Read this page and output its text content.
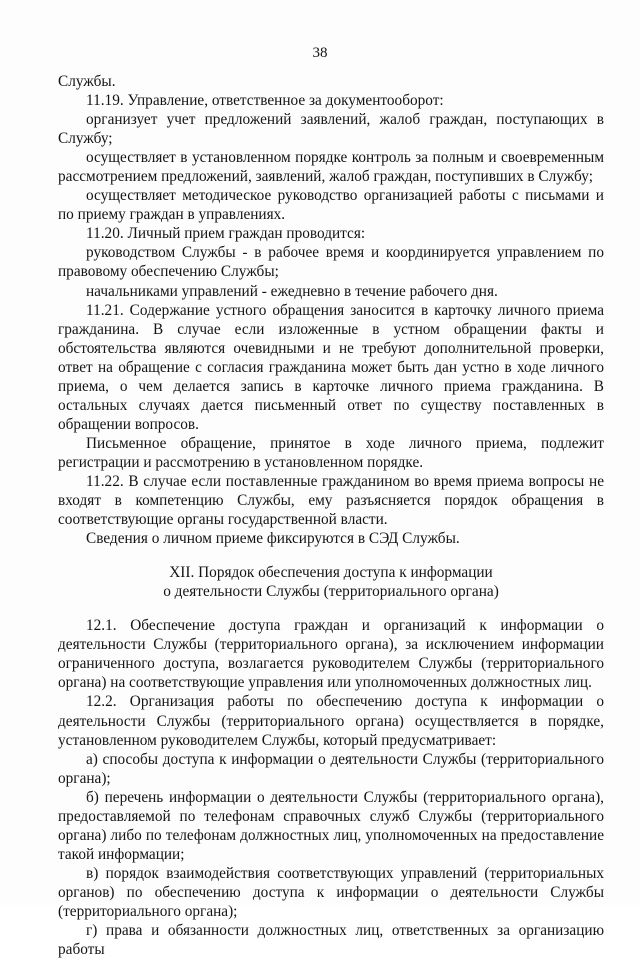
38

Службы.

11.19. Управление, ответственное за документооборот:

организует учет предложений заявлений, жалоб граждан, поступающих в Службу;

осуществляет в установленном порядке контроль за полным и своевременным рассмотрением предложений, заявлений, жалоб граждан, поступивших в Службу;

осуществляет методическое руководство организацией работы с письмами и по приему граждан в управлениях.

11.20. Личный прием граждан проводится:

руководством Службы - в рабочее время и координируется управлением по правовому обеспечению Службы;

начальниками управлений - ежедневно в течение рабочего дня.

11.21. Содержание устного обращения заносится в карточку личного приема гражданина. В случае если изложенные в устном обращении факты и обстоятельства являются очевидными и не требуют дополнительной проверки, ответ на обращение с согласия гражданина может быть дан устно в ходе личного приема, о чем делается запись в карточке личного приема гражданина. В остальных случаях дается письменный ответ по существу поставленных в обращении вопросов.

Письменное обращение, принятое в ходе личного приема, подлежит регистрации и рассмотрению в установленном порядке.

11.22. В случае если поставленные гражданином во время приема вопросы не входят в компетенцию Службы, ему разъясняется порядок обращения в соответствующие органы государственной власти.

Сведения о личном приеме фиксируются в СЭД Службы.

XII. Порядок обеспечения доступа к информации
о деятельности Службы (территориального органа)

12.1. Обеспечение доступа граждан и организаций к информации о деятельности Службы (территориального органа), за исключением информации ограниченного доступа, возлагается руководителем Службы (территориального органа) на соответствующие управления или уполномоченных должностных лиц.

12.2. Организация работы по обеспечению доступа к информации о деятельности Службы (территориального органа) осуществляется в порядке, установленном руководителем Службы, который предусматривает:

а) способы доступа к информации о деятельности Службы (территориального органа);

б) перечень информации о деятельности Службы (территориального органа), предоставляемой по телефонам справочных служб Службы (территориального органа) либо по телефонам должностных лиц, уполномоченных на предоставление такой информации;

в) порядок взаимодействия соответствующих управлений (территориальных органов) по обеспечению доступа к информации о деятельности Службы (территориального органа);

г) права и обязанности должностных лиц, ответственных за организацию работы
